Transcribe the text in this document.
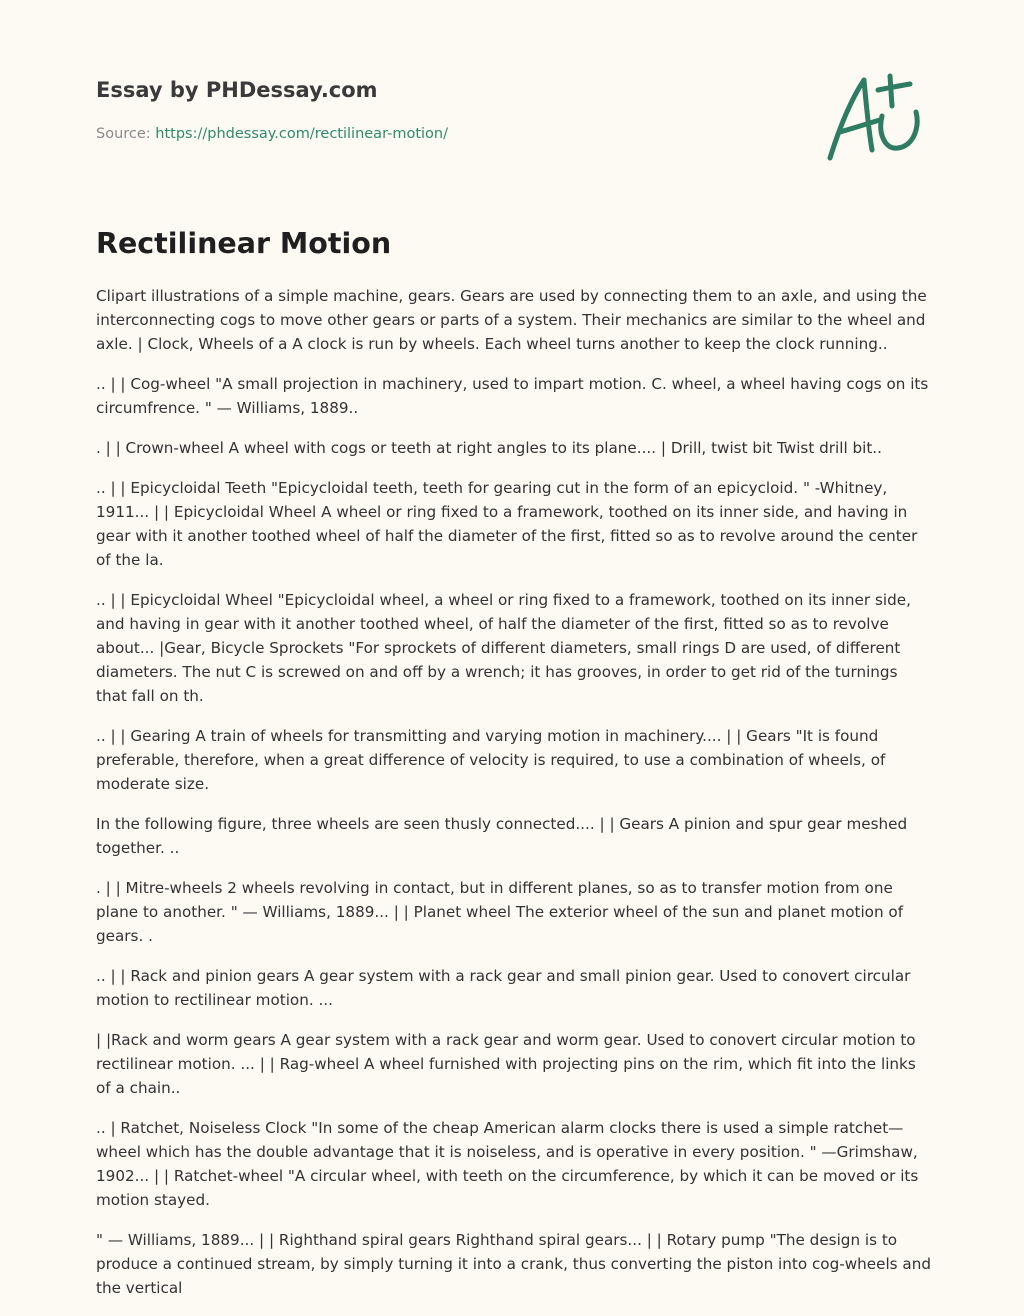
Essay by PHDessay.com
Source: https://phdessay.com/rectilinear-motion/
Rectilinear Motion

Clipart illustrations of a simple machine, gears. Gears are used by connecting them to an axle, and using the interconnecting cogs to move other gears or parts of a system. Their mechanics are similar to the wheel and axle. | Clock, Wheels of a A clock is run by wheels. Each wheel turns another to keep the clock running..

.. | | Cog-wheel "A small projection in machinery, used to impart motion. C. wheel, a wheel having cogs on its circumfrence. " — Williams, 1889..

. | | Crown-wheel A wheel with cogs or teeth at right angles to its plane.... | Drill, twist bit Twist drill bit..

.. | | Epicycloidal Teeth "Epicycloidal teeth, teeth for gearing cut in the form of an epicycloid. " -Whitney, 1911... | | Epicycloidal Wheel A wheel or ring fixed to a framework, toothed on its inner side, and having in gear with it another toothed wheel of half the diameter of the first, fitted so as to revolve around the center of the la.

.. | | Epicycloidal Wheel "Epicycloidal wheel, a wheel or ring fixed to a framework, toothed on its inner side, and having in gear with it another toothed wheel, of half the diameter of the first, fitted so as to revolve about... |Gear, Bicycle Sprockets "For sprockets of different diameters, small rings D are used, of different diameters. The nut C is screwed on and off by a wrench; it has grooves, in order to get rid of the turnings that fall on th.

.. | | Gearing A train of wheels for transmitting and varying motion in machinery.... | | Gears "It is found preferable, therefore, when a great difference of velocity is required, to use a combination of wheels, of moderate size.

In the following figure, three wheels are seen thusly connected.... | | Gears A pinion and spur gear meshed together. ..

. | | Mitre-wheels 2 wheels revolving in contact, but in different planes, so as to transfer motion from one plane to another. " — Williams, 1889... | | Planet wheel The exterior wheel of the sun and planet motion of gears. .

.. | | Rack and pinion gears A gear system with a rack gear and small pinion gear. Used to conovert circular motion to rectilinear motion. ...

| |Rack and worm gears A gear system with a rack gear and worm gear. Used to conovert circular motion to rectilinear motion. ... | | Rag-wheel A wheel furnished with projecting pins on the rim, which fit into the links of a chain..

.. | Ratchet, Noiseless Clock "In some of the cheap American alarm clocks there is used a simple ratchet—wheel which has the double advantage that it is noiseless, and is operative in every position. " —Grimshaw, 1902... | | Ratchet-wheel "A circular wheel, with teeth on the circumference, by which it can be moved or its motion stayed.

" — Williams, 1889... | | Righthand spiral gears Righthand spiral gears... | | Rotary pump "The design is to produce a continued stream, by simply turning it into a crank, thus converting the piston into cog-wheels and the vertical
